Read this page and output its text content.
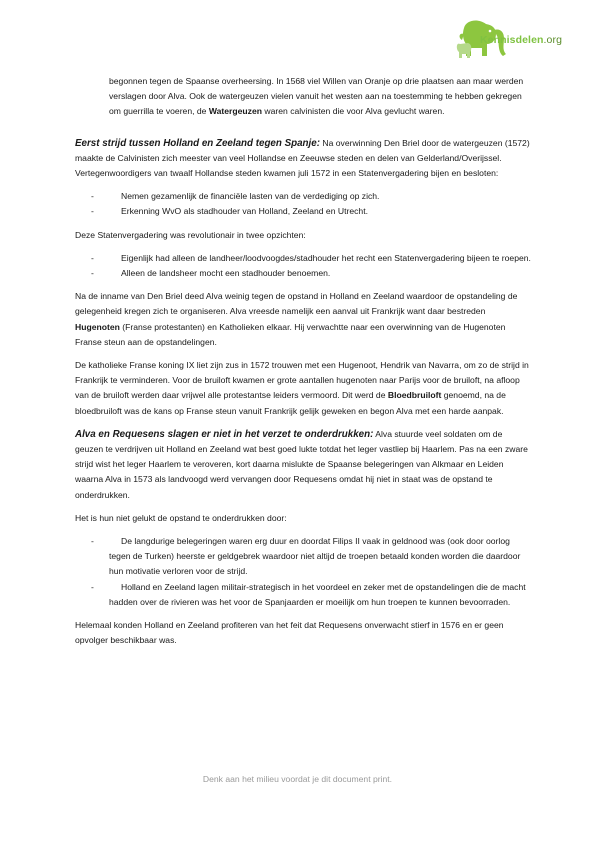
Kennisdelen.org

begonnen tegen de Spaanse overheersing. In 1568 viel Willen van Oranje op drie plaatsen aan maar werden verslagen door Alva. Ook de watergeuzen vielen vanuit het westen aan na toestemming te hebben gekregen om guerrilla te voeren, de Watergeuzen waren calvinisten die voor Alva gevlucht waren.

Eerst strijd tussen Holland en Zeeland tegen Spanje: Na overwinning Den Briel door de watergeuzen (1572) maakte de Calvinisten zich meester van veel Hollandse en Zeeuwse steden en delen van Gelderland/Overijssel. Vertegenwoordigers van twaalf Hollandse steden kwamen juli 1572 in een Statenvergadering bijen en besloten:

-	Nemen gezamenlijk de financiële lasten van de verdediging op zich.
-	Erkenning WvO als stadhouder van Holland, Zeeland en Utrecht.

Deze Statenvergadering was revolutionair in twee opzichten:

-	Eigenlijk had alleen de landheer/loodvoogdes/stadhouder het recht een Statenvergadering bijeen te roepen.
-	Alleen de landsheer mocht een stadhouder benoemen.

Na de inname van Den Briel deed Alva weinig tegen de opstand in Holland en Zeeland waardoor de opstandeling de gelegenheid kregen zich te organiseren. Alva vreesde namelijk een aanval uit Frankrijk want daar bestreden Hugenoten (Franse protestanten) en Katholieken elkaar. Hij verwachtte naar een overwinning van de Hugenoten Franse steun aan de opstandelingen.

De katholieke Franse koning IX liet zijn zus in 1572 trouwen met een Hugenoot, Hendrik van Navarra, om zo de strijd in Frankrijk te verminderen. Voor de bruiloft kwamen er grote aantallen hugenoten naar Parijs voor de bruiloft, na afloop van de bruiloft werden daar vrijwel alle protestantse leiders vermoord. Dit werd de Bloedbruiloft genoemd, na de bloedbruiloft was de kans op Franse steun vanuit Frankrijk gelijk geweken en begon Alva met een harde aanpak.

Alva en Requesens slagen er niet in het verzet te onderdrukken: Alva stuurde veel soldaten om de geuzen te verdrijven uit Holland en Zeeland wat best goed lukte totdat het leger vastliep bij Haarlem. Pas na een zware strijd wist het leger Haarlem te veroveren, kort daarna mislukte de Spaanse belegeringen van Alkmaar en Leiden waarna Alva in 1573 als landvoogd werd vervangen door Requesens omdat hij niet in staat was de opstand te onderdrukken.

Het is hun niet gelukt de opstand te onderdrukken door:

-	De langdurige belegeringen waren erg duur en doordat Filips II vaak in geldnood was (ook door oorlog tegen de Turken) heerste er geldgebrek waardoor niet altijd de troepen betaald konden worden die daardoor hun motivatie verloren voor de strijd.
-	Holland en Zeeland lagen militair-strategisch in het voordeel en zeker met de opstandelingen die de macht hadden over de rivieren was het voor de Spanjaarden er moeilijk om hun troepen te kunnen bevoorraden.

Helemaal konden Holland en Zeeland profiteren van het feit dat Requesens onverwacht stierf in 1576 en er geen opvolger beschikbaar was.

Denk aan het milieu voordat je dit document print.
